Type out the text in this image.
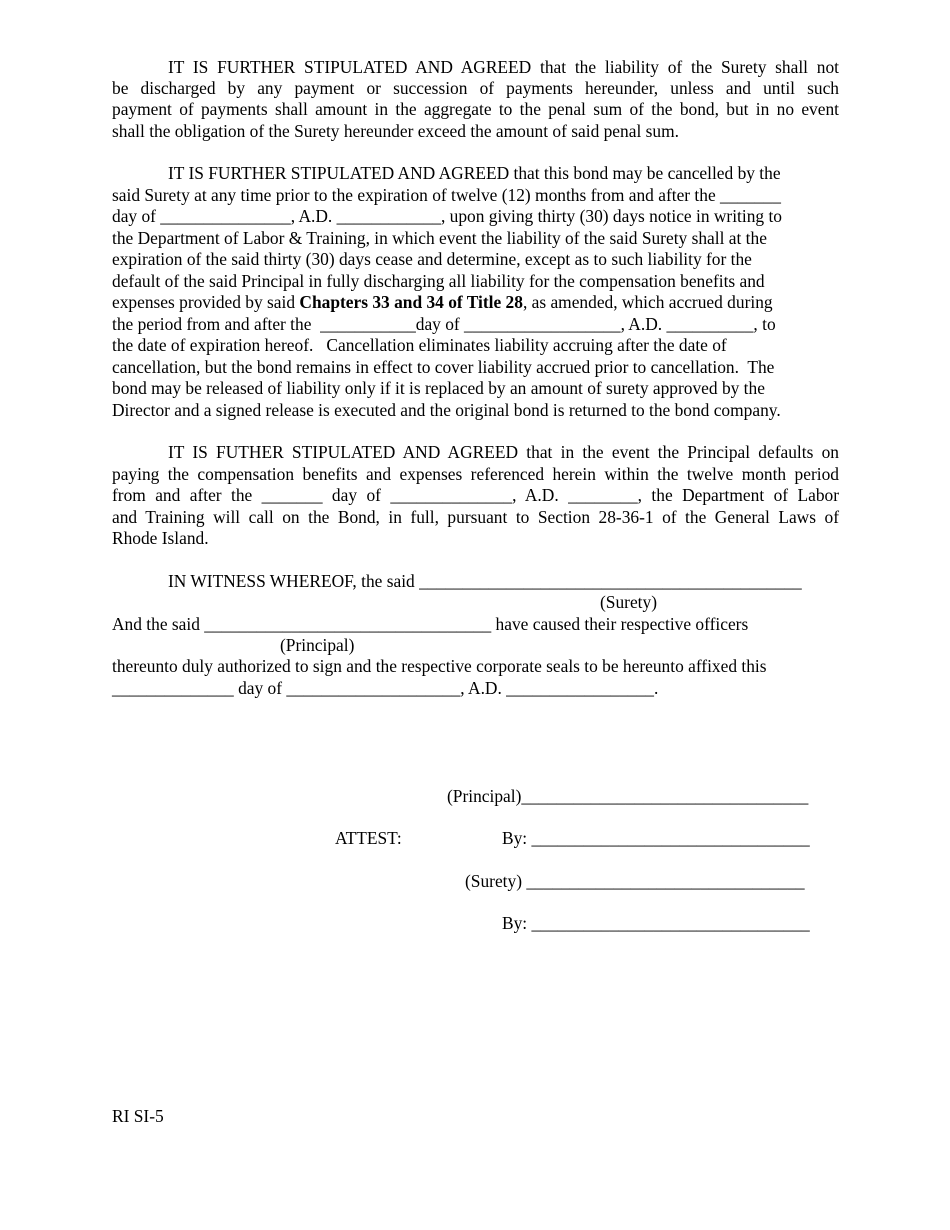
IT IS FURTHER STIPULATED AND AGREED that the liability of the Surety shall not

be discharged by any payment or succession of payments hereunder, unless and until such

payment of payments shall amount in the aggregate to the penal sum of the bond, but in no event

shall the obligation of the Surety hereunder exceed the amount of said penal sum.

IT IS FURTHER STIPULATED AND AGREED that this bond may be cancelled by the

said Surety at any time prior to the expiration of twelve (12) months from and after the _______

day of _______________, A.D. ____________, upon giving thirty (30) days notice in writing to

the Department of Labor & Training, in which event the liability of the said Surety shall at the

expiration of the said thirty (30) days cease and determine, except as to such liability for the

default of the said Principal in fully discharging all liability for the compensation benefits and

expenses provided by said Chapters 33 and 34 of Title 28, as amended, which accrued during

the period from and after the  ___________day of __________________, A.D. __________, to

the date of expiration hereof.   Cancellation eliminates liability accruing after the date of

cancellation, but the bond remains in effect to cover liability accrued prior to cancellation.  The

bond may be released of liability only if it is replaced by an amount of surety approved by the

Director and a signed release is executed and the original bond is returned to the bond company.

IT IS FUTHER STIPULATED AND AGREED that in the event the Principal defaults on

paying the compensation benefits and expenses referenced herein within the twelve month period

from and after the _______ day of ______________, A.D. ________, the Department of Labor

and Training will call on the Bond, in full, pursuant to Section 28-36-1 of the General Laws of

Rhode Island.

IN WITNESS WHEREOF, the said ____________________________________________

(Surety)

And the said _________________________________ have caused their respective officers

(Principal)

thereunto duly authorized to sign and the respective corporate seals to be hereunto affixed this

______________ day of ____________________, A.D. _________________.

(Principal)_________________________________

ATTEST:	By: ________________________________

(Surety) ________________________________

By: ________________________________

RI SI-5
